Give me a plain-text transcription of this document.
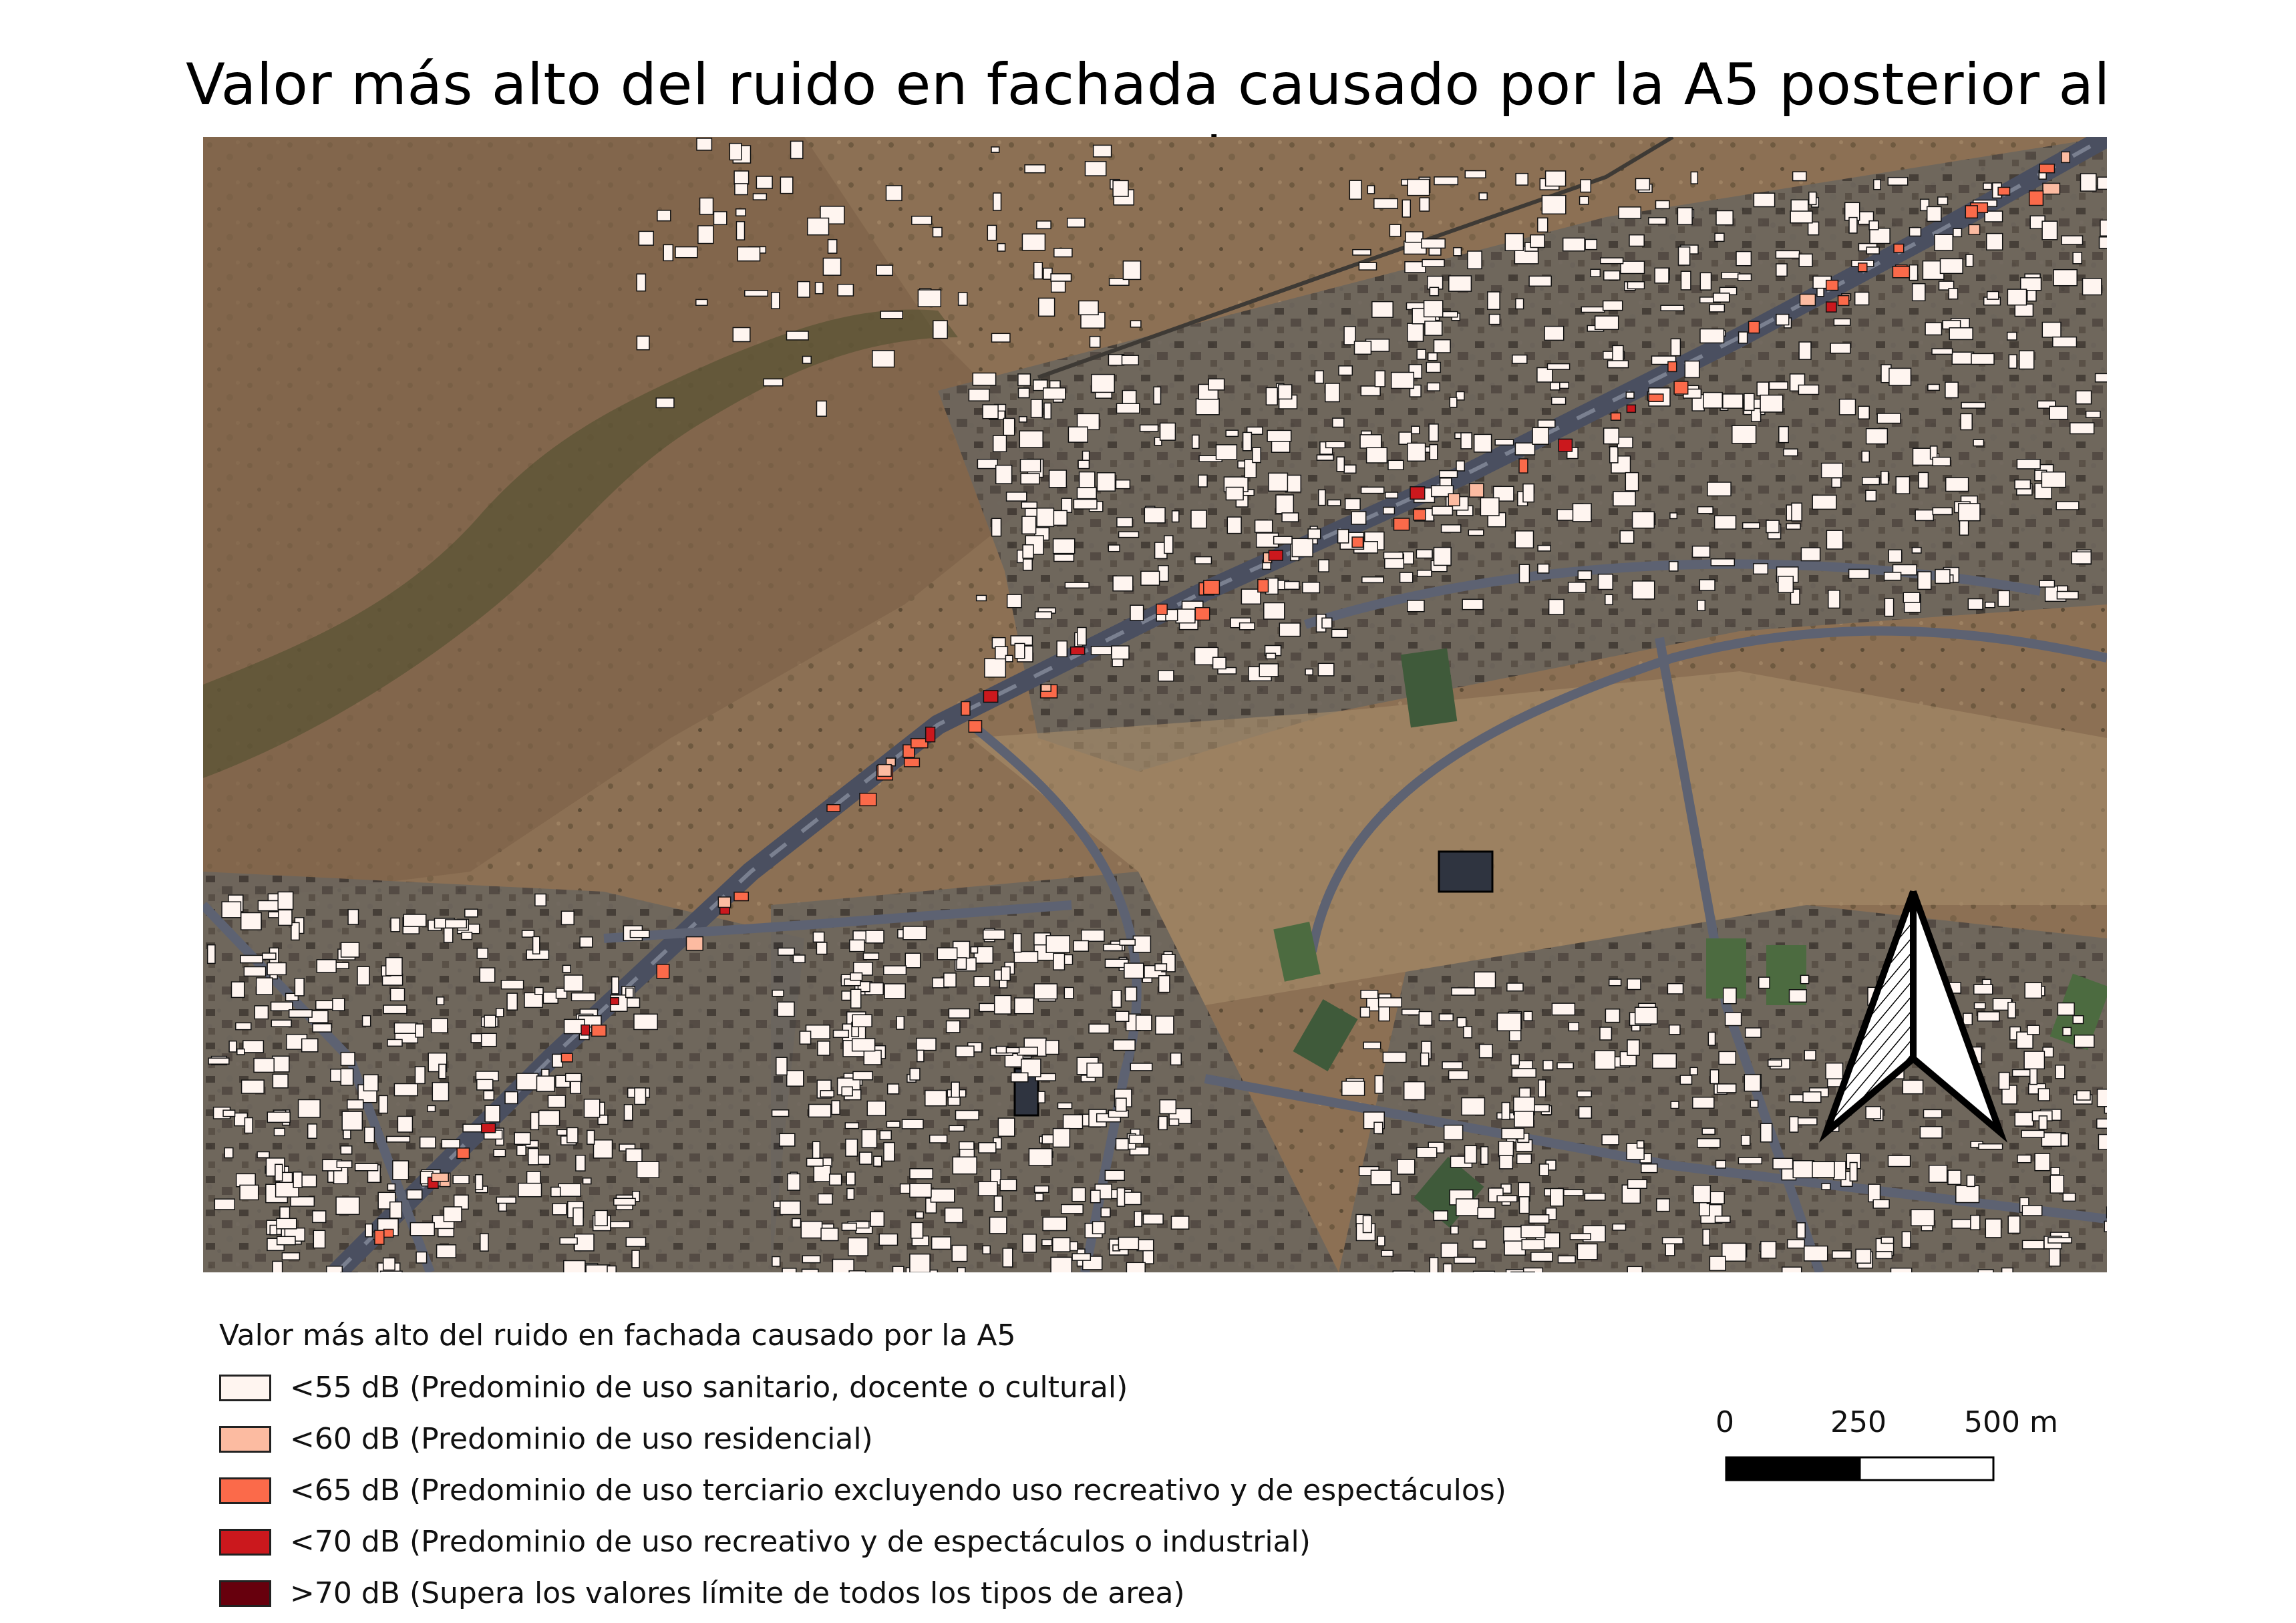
Valor más alto del ruido en fachada causado por la A5 posterior al
Valor más alto del ruido en fachada causado por la A5
<55 dB (Predominio de uso sanitario, docente o cultural)
<60 dB (Predominio de uso residencial)
<65 dB (Predominio de uso terciario excluyendo uso recreativo y de espectáculos)
<70 dB (Predominio de uso recreativo y de espectáculos o industrial)
>70 dB (Supera los valores límite de todos los tipos de area)
0	250	500 m
